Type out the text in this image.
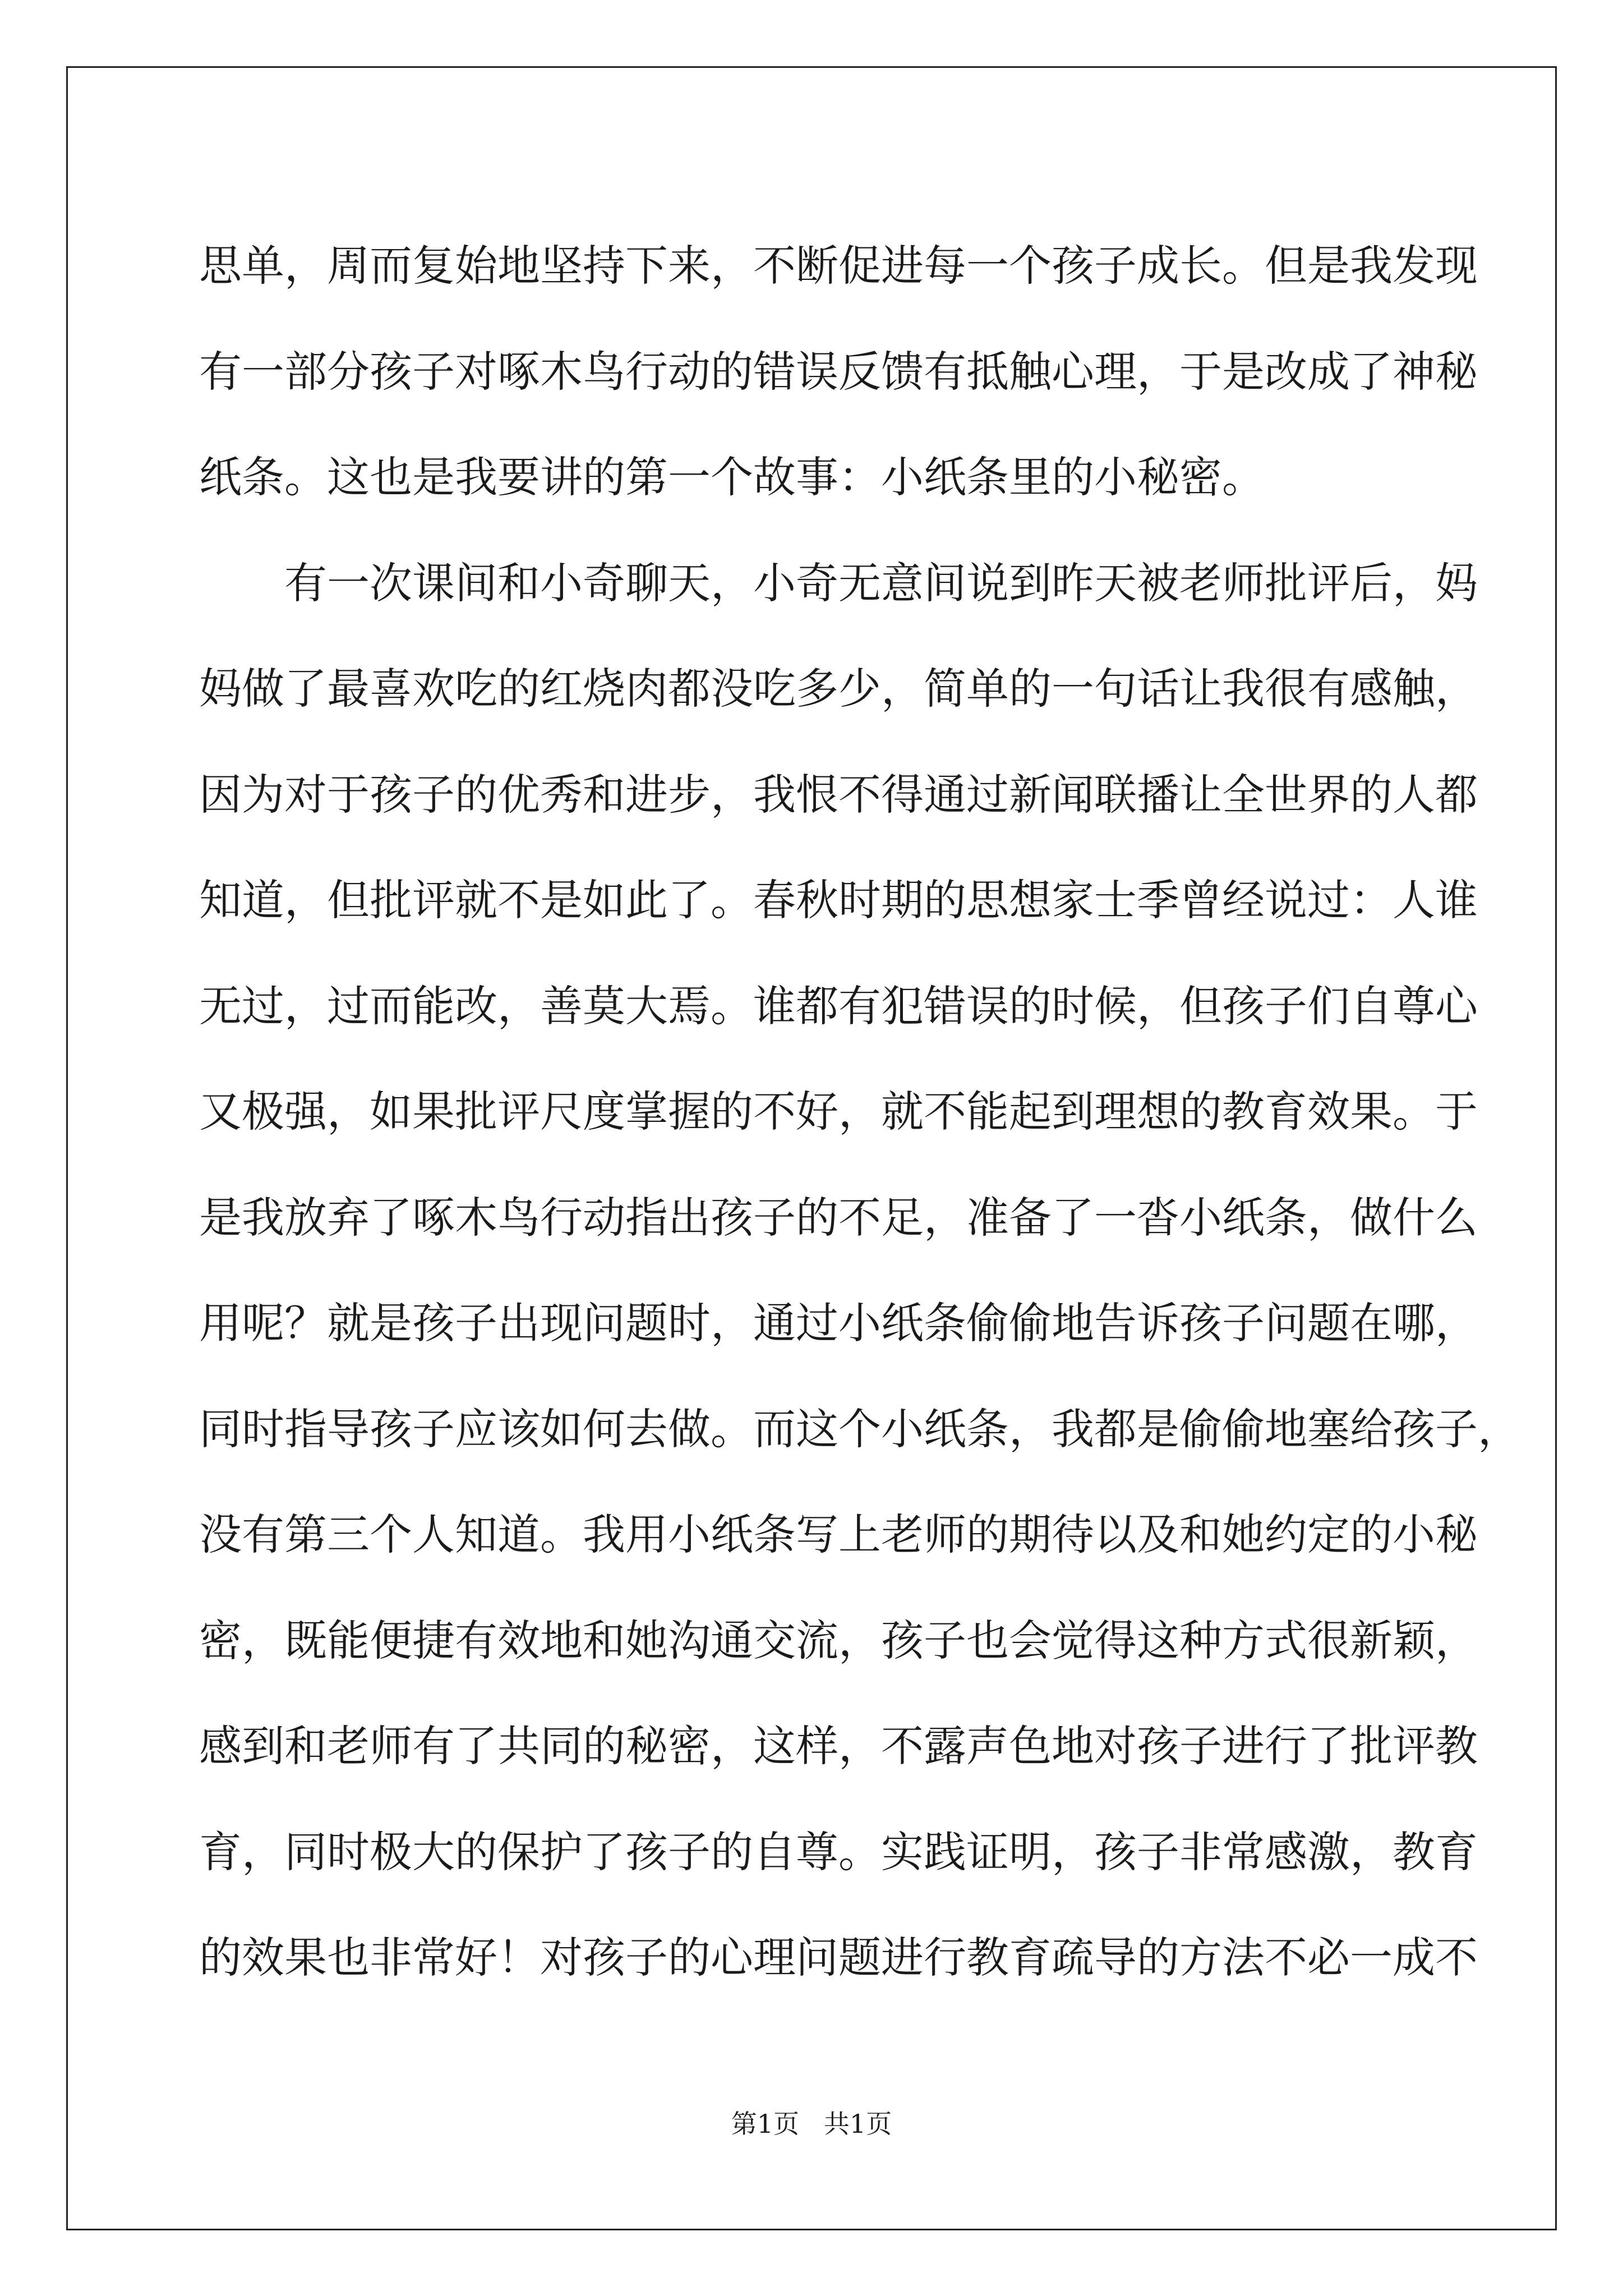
思单，周而复始地坚持下来，不断促进每一个孩子成长。但是我发现
有一部分孩子对啄木鸟行动的错误反馈有抵触心理，于是改成了神秘
纸条。这也是我要讲的第一个故事：小纸条里的小秘密。
有一次课间和小奇聊天，小奇无意间说到昨天被老师批评后，妈
妈做了最喜欢吃的红烧肉都没吃多少，简单的一句话让我很有感触，
因为对于孩子的优秀和进步，我恨不得通过新闻联播让全世界的人都
知道，但批评就不是如此了。春秋时期的思想家士季曾经说过：人谁
无过，过而能改，善莫大焉。谁都有犯错误的时候，但孩子们自尊心
又极强，如果批评尺度掌握的不好，就不能起到理想的教育效果。于
是我放弃了啄木鸟行动指出孩子的不足，准备了一沓小纸条，做什么
用呢？就是孩子出现问题时，通过小纸条偷偷地告诉孩子问题在哪，
同时指导孩子应该如何去做。而这个小纸条，我都是偷偷地塞给孩子，
没有第三个人知道。我用小纸条写上老师的期待以及和她约定的小秘
密，既能便捷有效地和她沟通交流，孩子也会觉得这种方式很新颖，
感到和老师有了共同的秘密，这样，不露声色地对孩子进行了批评教
育，同时极大的保护了孩子的自尊。实践证明，孩子非常感激，教育
的效果也非常好！对孩子的心理问题进行教育疏导的方法不必一成不
第1页   共1页
